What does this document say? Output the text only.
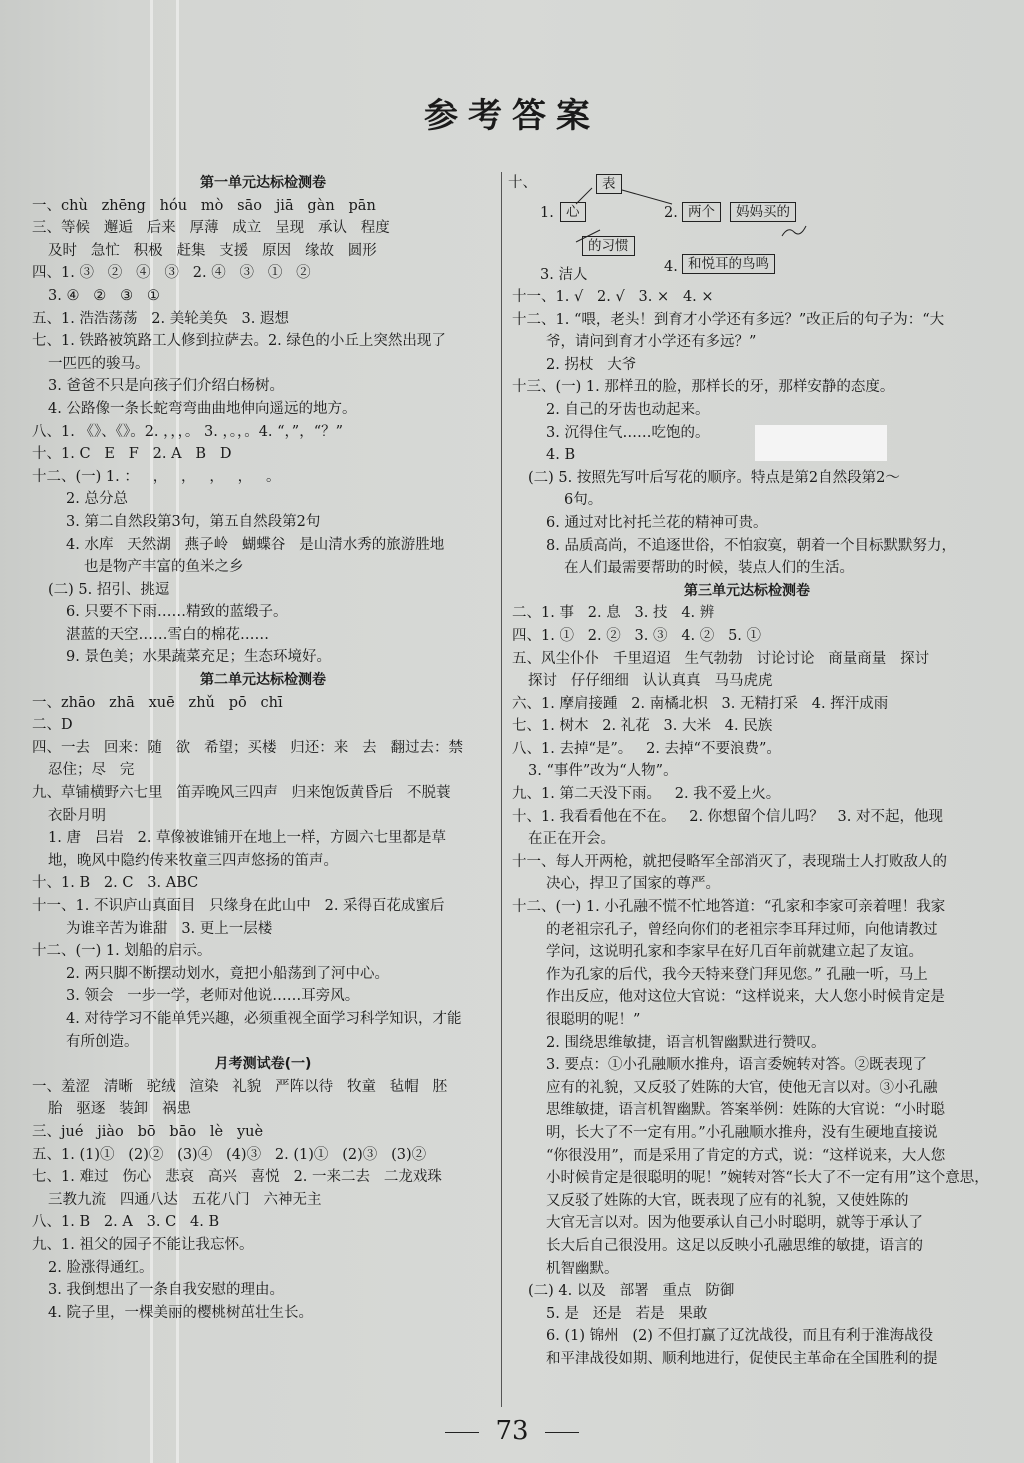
参考答案
第一单元达标检测卷
一、chù   zhēng   hóu   mò   sāo   jiā   gàn   pān
三、等候   邂逅   后来   厚薄   成立   呈现   承认   程度
及时   急忙   积极   赶集   支援   原因   缘故   圆形
四、1. ③   ②   ④   ③   2. ④   ③   ①   ②
3. ④   ②   ③   ①
五、1. 浩浩荡荡   2. 美轮美奂   3. 遐想
七、1. 铁路被筑路工人修到拉萨去。2. 绿色的小丘上突然出现了
一匹匹的骏马。
3. 爸爸不只是向孩子们介绍白杨树。
4. 公路像一条长蛇弯弯曲曲地伸向遥远的地方。
八、1. 《》、《》。2. ，，，。 3. ，。，。4. “，”，“？”
十、1. C   E   F   2. A   B   D
十二、(一) 1. ：   ，   ，   ，   ，   。
2. 总分总
3. 第二自然段第3句，第五自然段第2句
4. 水库   天然湖   燕子岭   蝴蝶谷   是山清水秀的旅游胜地
也是物产丰富的鱼米之乡
(二) 5. 招引、挑逗
6. 只要不下雨……精致的蓝缎子。
湛蓝的天空……雪白的棉花……
9. 景色美；水果蔬菜充足；生态环境好。
第二单元达标检测卷
一、zhāo   zhā   xuē   zhǔ   pō   chī
二、D
四、一去   回来：随   欲   希望；买楼   归还：来   去   翻过去：禁
忍住；尽   完
九、草铺横野六七里   笛弄晚风三四声   归来饱饭黄昏后   不脱蓑
衣卧月明
1. 唐   吕岩   2. 草像被谁铺开在地上一样，方圆六七里都是草
地，晚风中隐约传来牧童三四声悠扬的笛声。
十、1. B   2. C   3. ABC
十一、1. 不识庐山真面目   只缘身在此山中   2. 采得百花成蜜后
为谁辛苦为谁甜   3. 更上一层楼
十二、(一) 1. 划船的启示。
2. 两只脚不断摆动划水，竟把小船荡到了河中心。
3. 领会   一步一学，老师对他说……耳旁风。
4. 对待学习不能单凭兴趣，必须重视全面学习科学知识，才能
有所创造。
月考测试卷(一)
一、羞涩   清晰   驼绒   渲染   礼貌   严阵以待   牧童   毡帽   胚
胎   驱逐   装卸   祸患
三、jué   jiào   bō   bāo   lè   yuè
五、1. (1)①   (2)②   (3)④   (4)③   2. (1)①   (2)③   (3)②
七、1. 难过   伤心   悲哀   高兴   喜悦   2. 一来二去   二龙戏珠
三教九流   四通八达   五花八门   六神无主
八、1. B   2. A   3. C   4. B
九、1. 祖父的园子不能让我忘怀。
2. 脸涨得通红。
3. 我倒想出了一条自我安慰的理由。
4. 院子里，一棵美丽的樱桃树茁壮生长。
十、	表
1. 心	2. 两个	妈妈买的
的习惯
3. 洁人	4. 和悦耳的鸟鸣
十一、1. √   2. √   3. ×   4. ×
十二、1. “喂，老头！到育才小学还有多远？”改正后的句子为：“大
爷，请问到育才小学还有多远？”
2. 拐杖   大爷
十三、(一) 1. 那样丑的脸，那样长的牙，那样安静的态度。
2. 自己的牙齿也动起来。
3. 沉得住气……吃饱的。
4. B
(二) 5. 按照先写叶后写花的顺序。特点是第2自然段第2～
6句。
6. 通过对比衬托兰花的精神可贵。
8. 品质高尚，不追逐世俗，不怕寂寞，朝着一个目标默默努力，
在人们最需要帮助的时候，装点人们的生活。
第三单元达标检测卷
二、1. 事   2. 息   3. 技   4. 辨
四、1. ①   2. ②   3. ③   4. ②   5. ①
五、风尘仆仆   千里迢迢   生气勃勃   讨论讨论   商量商量   探讨
探讨   仔仔细细   认认真真   马马虎虎
六、1. 摩肩接踵   2. 南橘北枳   3. 无精打采   4. 挥汗成雨
七、1. 树木   2. 礼花   3. 大米   4. 民族
八、1. 去掉“是”。   2. 去掉“不要浪费”。
3. “事件”改为“人物”。
九、1. 第二天没下雨。   2. 我不爱上火。
十、1. 我看看他在不在。   2. 你想留个信儿吗？   3. 对不起，他现
在正在开会。
十一、每人开两枪，就把侵略军全部消灭了，表现瑞士人打败敌人的
决心，捍卫了国家的尊严。
十二、(一) 1. 小孔融不慌不忙地答道：“孔家和李家可亲着哩！我家
的老祖宗孔子，曾经向你们的老祖宗李耳拜过师，向他请教过
学问，这说明孔家和李家早在好几百年前就建立起了友谊。
作为孔家的后代，我今天特来登门拜见您。” 孔融一听，马上
作出反应，他对这位大官说：“这样说来，大人您小时候肯定是
很聪明的呢！”
2. 围绕思维敏捷，语言机智幽默进行赞叹。
3. 要点：①小孔融顺水推舟，语言委婉转对答。②既表现了
应有的礼貌，又反驳了姓陈的大官，使他无言以对。③小孔融
思维敏捷，语言机智幽默。答案举例：姓陈的大官说：“小时聪
明，长大了不一定有用。”小孔融顺水推舟，没有生硬地直接说
“你很没用”，而是采用了肯定的方式，说：“这样说来，大人您
小时候肯定是很聪明的呢！”婉转对答“长大了不一定有用”这个意思，
又反驳了姓陈的大官，既表现了应有的礼貌，又使姓陈的
大官无言以对。因为他要承认自己小时聪明，就等于承认了
长大后自己很没用。这足以反映小孔融思维的敏捷，语言的
机智幽默。
(二) 4. 以及   部署   重点   防御
5. 是   还是   若是   果敢
6. (1) 锦州   (2) 不但打赢了辽沈战役，而且有利于淮海战役
和平津战役如期、顺利地进行，促使民主革命在全国胜利的提
73
